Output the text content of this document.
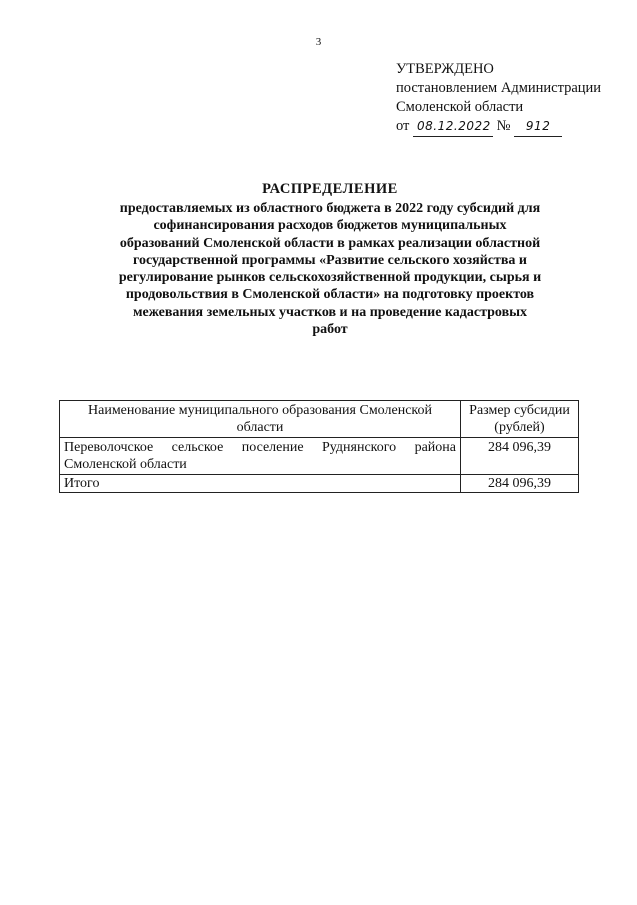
3
УТВЕРЖДЕНО
постановлением Администрации
Смоленской области
от 08.12.2022 № 912
РАСПРЕДЕЛЕНИЕ
предоставляемых из областного бюджета в 2022 году субсидий для софинансирования расходов бюджетов муниципальных образований Смоленской области в рамках реализации областной государственной программы «Развитие сельского хозяйства и регулирование рынков сельскохозяйственной продукции, сырья и продовольствия в Смоленской области» на подготовку проектов межевания земельных участков и на проведение кадастровых работ
Наименование муниципального образования Смоленской области	Размер субсидии (рублей)
Переволочское сельское поселение Руднянского района Смоленской области	284 096,39
Итого	284 096,39
